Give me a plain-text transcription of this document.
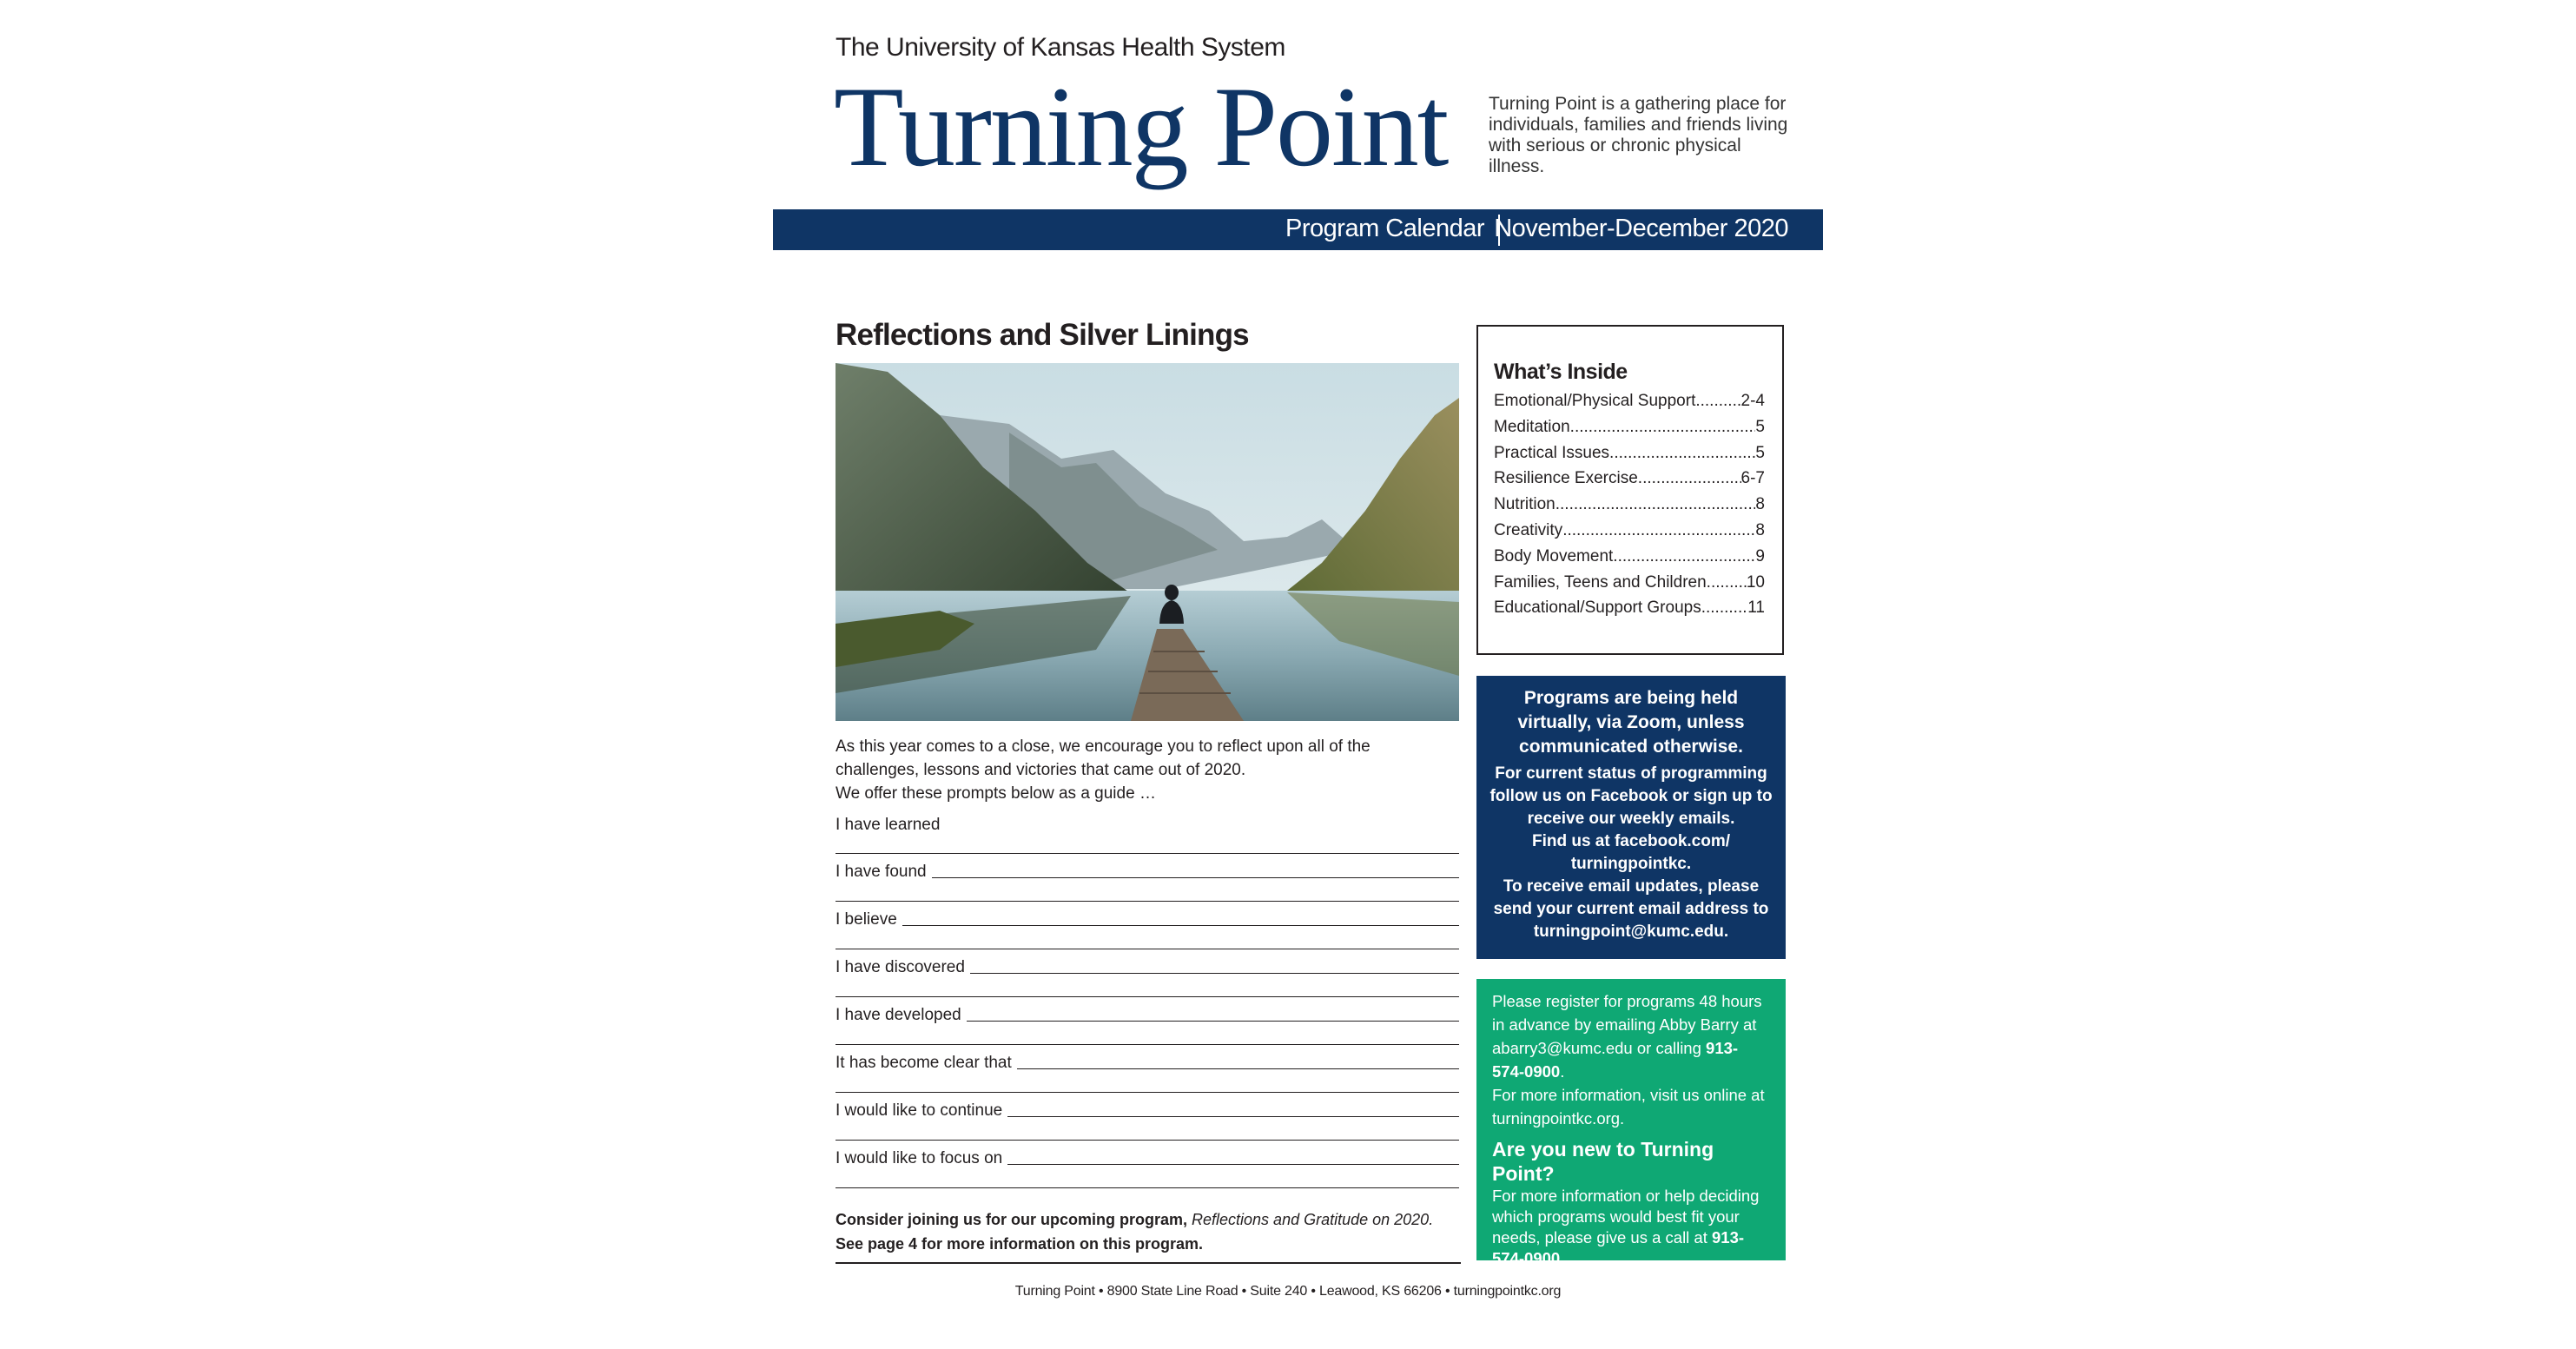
The University of Kansas Health System
Turning Point Turning Point is a gathering place for individuals, families and friends living with serious or chronic physical illness.
Program Calendar November-December 2020
Reflections and Silver Linings
As this year comes to a close, we encourage you to reflect upon all of the
challenges, lessons and victories that came out of 2020.
We offer these prompts below as a guide …
I have learned
I have found
I believe
I have discovered
I have developed
It has become clear that
I would like to continue
I would like to focus on
Consider joining us for our upcoming program, Reflections and Gratitude on 2020.
See page 4 for more information on this program.
What’s Inside
Emotional/Physical Support .....	2-4
Meditation .....	5
Practical Issues .....	5
Resilience Exercise .....	6-7
Nutrition .....	8
Creativity .....	8
Body Movement .....	9
Families, Teens and Children ..... 10
Educational/Support Groups .....	11
Programs are being held virtually, via Zoom, unless communicated otherwise.
For current status of programming follow us on Facebook or sign up to receive our weekly emails.
Find us at facebook.com/ turningpointkc.
To receive email updates, please send your current email address to turningpoint@kumc.edu.
Please register for programs 48 hours in advance by emailing Abby Barry at abarry3@kumc.edu or calling 913-574-0900.
For more information, visit us online at turningpointkc.org.
Are you new to Turning Point?
For more information or help deciding which programs would best fit your needs, please give us a call at 913-574-0900.
Turning Point • 8900 State Line Road • Suite 240 • Leawood, KS 66206 • turningpointkc.org
